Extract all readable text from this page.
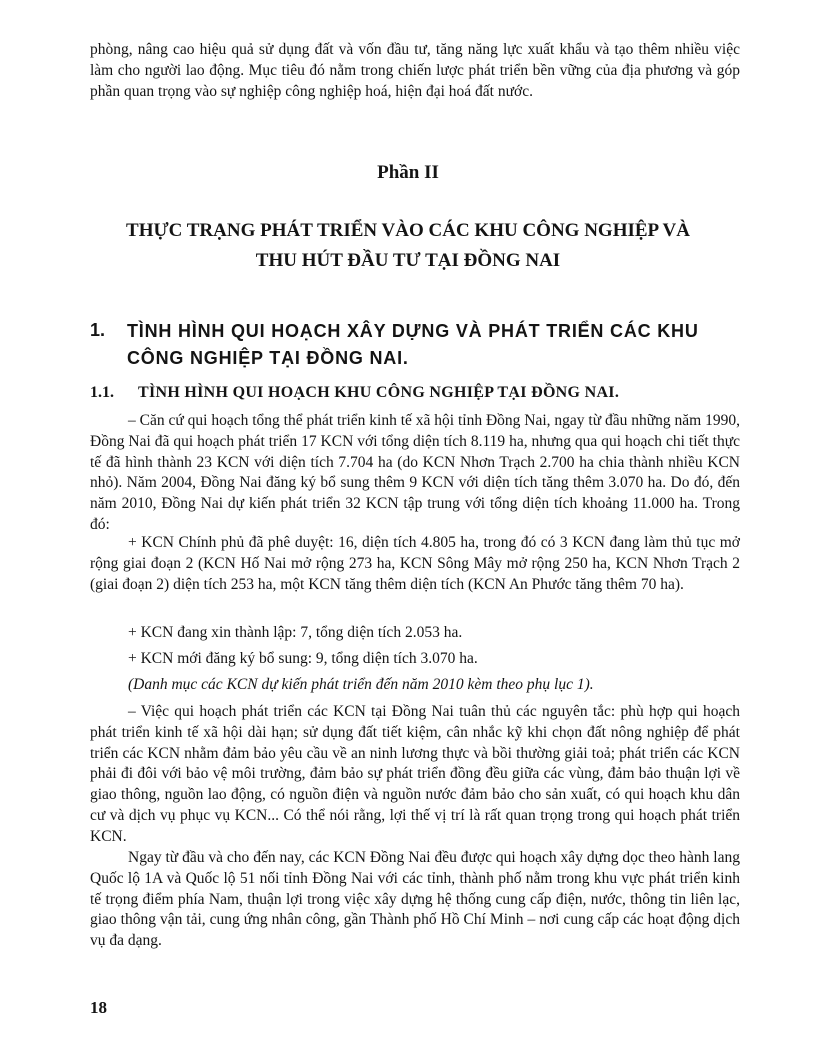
phòng, nâng cao hiệu quả sử dụng đất và vốn đầu tư, tăng năng lực xuất khẩu và tạo thêm nhiều việc làm cho người lao động. Mục tiêu đó nằm trong chiến lược phát triển bền vững của địa phương và góp phần quan trọng vào sự nghiệp công nghiệp hoá, hiện đại hoá đất nước.
Phần II
THỰC TRẠNG PHÁT TRIỂN VÀO CÁC KHU CÔNG NGHIỆP VÀ THU HÚT ĐẦU TƯ TẠI ĐỒNG NAI
1. TÌNH HÌNH QUI HOẠCH XÂY DỰNG VÀ PHÁT TRIỂN CÁC KHU CÔNG NGHIỆP TẠI ĐỒNG NAI.
1.1. TÌNH HÌNH QUI HOẠCH KHU CÔNG NGHIỆP TẠI ĐỒNG NAI.
– Căn cứ qui hoạch tổng thể phát triển kinh tế xã hội tỉnh Đồng Nai, ngay từ đầu những năm 1990, Đồng Nai đã qui hoạch phát triển 17 KCN với tổng diện tích 8.119 ha, nhưng qua qui hoạch chi tiết thực tế đã hình thành 23 KCN với diện tích 7.704 ha (do KCN Nhơn Trạch 2.700 ha chia thành nhiều KCN nhỏ). Năm 2004, Đồng Nai đăng ký bổ sung thêm 9 KCN với diện tích tăng thêm 3.070 ha. Do đó, đến năm 2010, Đồng Nai dự kiến phát triển 32 KCN tập trung với tổng diện tích khoảng 11.000 ha. Trong đó:
+ KCN Chính phủ đã phê duyệt: 16, diện tích 4.805 ha, trong đó có 3 KCN đang làm thủ tục mở rộng giai đoạn 2 (KCN Hố Nai mở rộng 273 ha, KCN Sông Mây mở rộng 250 ha, KCN Nhơn Trạch 2 (giai đoạn 2) diện tích 253 ha, một KCN tăng thêm diện tích (KCN An Phước tăng thêm 70 ha).
+ KCN đang xin thành lập: 7, tổng diện tích 2.053 ha.
+ KCN mới đăng ký bổ sung: 9, tổng diện tích 3.070 ha.
(Danh mục các KCN dự kiến phát triển đến năm 2010 kèm theo phụ lục 1).
– Việc qui hoạch phát triển các KCN tại Đồng Nai tuân thủ các nguyên tắc: phù hợp qui hoạch phát triển kinh tế xã hội dài hạn; sử dụng đất tiết kiệm, cân nhắc kỹ khi chọn đất nông nghiệp để phát triển các KCN nhằm đảm bảo yêu cầu về an ninh lương thực và bồi thường giải toả; phát triển các KCN phải đi đôi với bảo vệ môi trường, đảm bảo sự phát triển đồng đều giữa các vùng, đảm bảo thuận lợi về giao thông, nguồn lao động, có nguồn điện và nguồn nước đảm bảo cho sản xuất, có qui hoạch khu dân cư và dịch vụ phục vụ KCN... Có thể nói rằng, lợi thế vị trí là rất quan trọng trong qui hoạch phát triển KCN.
Ngay từ đầu và cho đến nay, các KCN Đồng Nai đều được qui hoạch xây dựng dọc theo hành lang Quốc lộ 1A và Quốc lộ 51 nối tỉnh Đồng Nai với các tỉnh, thành phố nằm trong khu vực phát triển kinh tế trọng điểm phía Nam, thuận lợi trong việc xây dựng hệ thống cung cấp điện, nước, thông tin liên lạc, giao thông vận tải, cung ứng nhân công, gần Thành phố Hồ Chí Minh – nơi cung cấp các hoạt động dịch vụ đa dạng.
18
